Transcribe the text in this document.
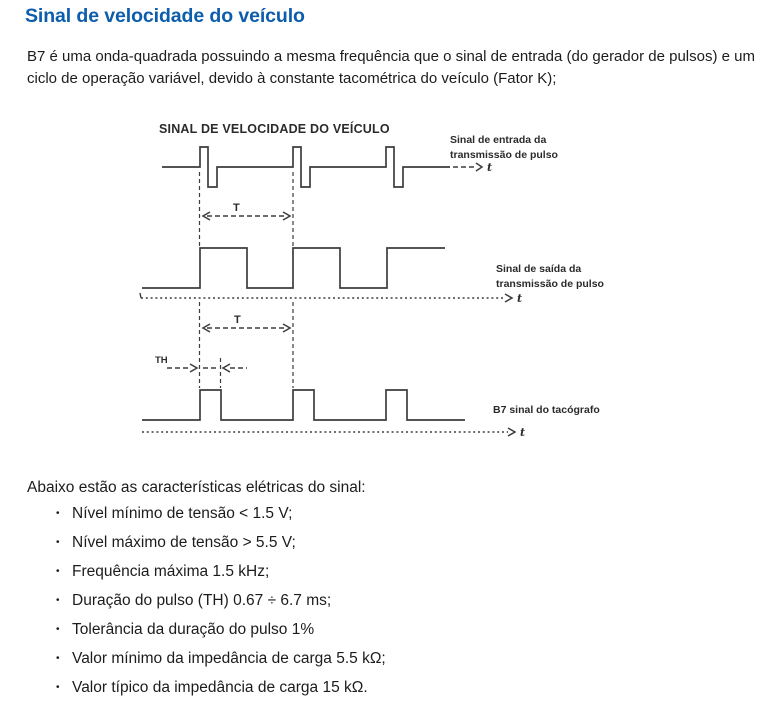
Sinal de velocidade do veículo

B7 é uma onda-quadrada possuindo a mesma frequência que o sinal de entrada (do gerador de pulsos) e um ciclo de operação variável, devido à constante tacométrica do veículo (Fator K);

SINAL DE VELOCIDADE DO VEÍCULO
t
Sinal de entrada da
transmissão de pulso
T
t
Sinal de saída da
transmissão de pulso
T
TH
t
B7 sinal do tacógrafo

Abaixo estão as características elétricas do sinal:

• Nível mínimo de tensão < 1.5 V;
• Nível máximo de tensão > 5.5 V;
• Frequência máxima 1.5 kHz;
• Duração do pulso (TH) 0.67 ÷ 6.7 ms;
• Tolerância da duração do pulso 1%
• Valor mínimo da impedância de carga 5.5 kΩ;
• Valor típico da impedância de carga 15 kΩ.
